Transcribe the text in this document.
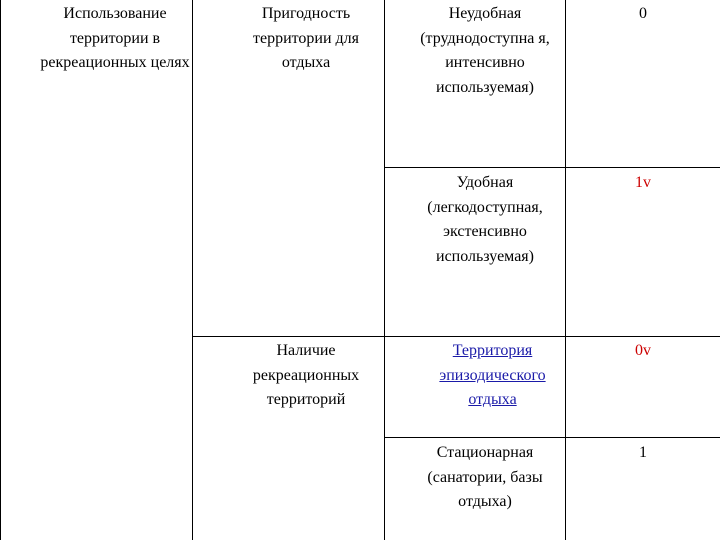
Использование территории в рекреационных целях
Пригодность территории для отдыха
Наличие рекреационных территорий
Неудобная (труднодоступна я, интенсивно используемая)
Удобная (легкодоступная, экстенсивно используемая)
Территория эпизодического отдыха
Стационарная (санатории, базы отдыха)
0
1v
0v
1
